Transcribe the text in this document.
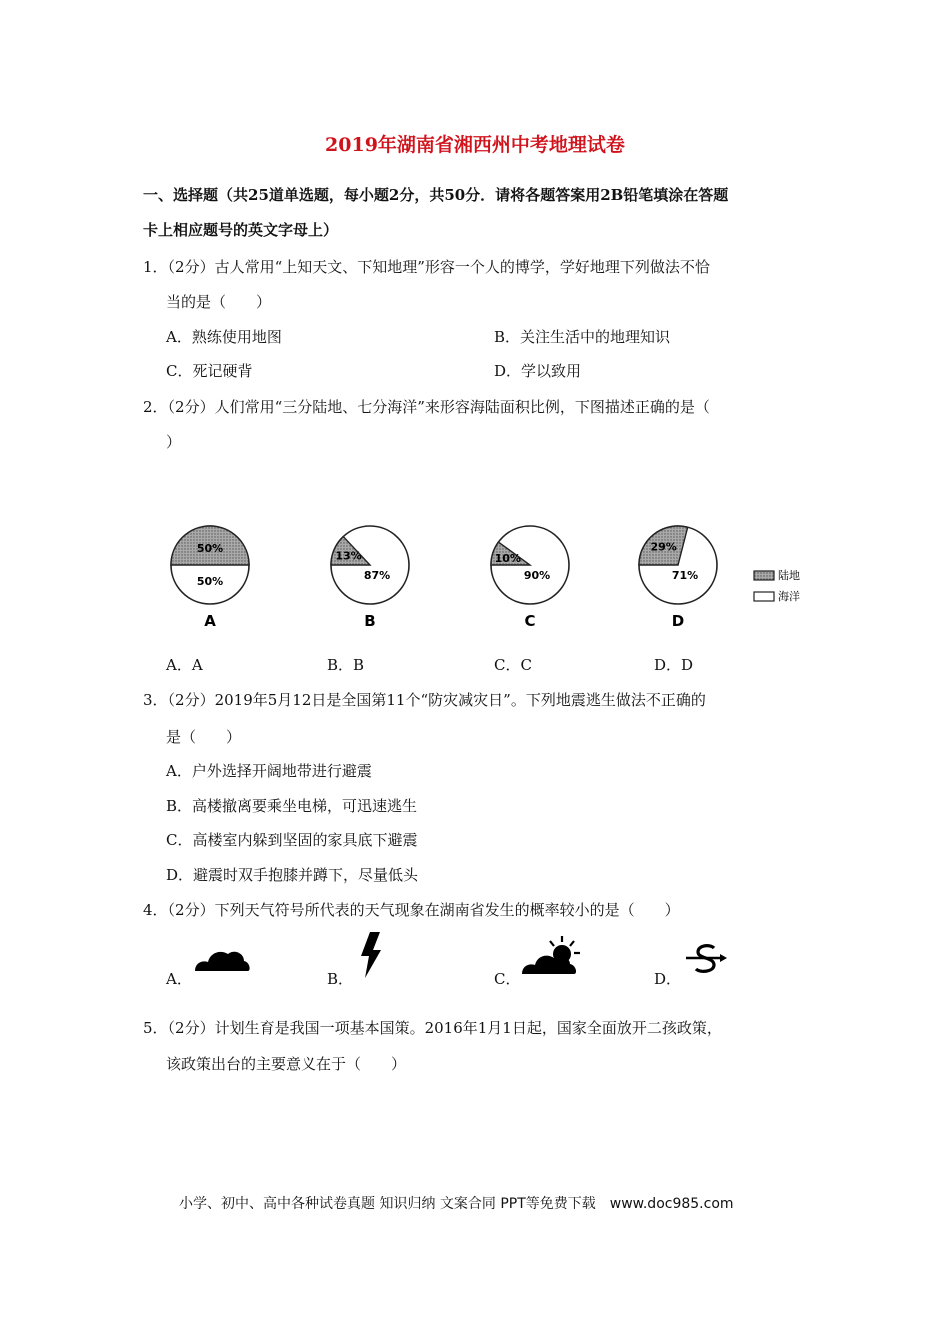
2019年湖南省湘西州中考地理试卷
一、选择题（共25道单选题，每小题2分，共50分．请将各题答案用2B铅笔填涂在答题
卡上相应题号的英文字母上）
1．（2分）古人常用“上知天文、下知地理”形容一个人的博学，学好地理下列做法不恰
当的是（　　）
A．熟练使用地图	B．关注生活中的地理知识
C．死记硬背	D．学以致用
2．（2分）人们常用“三分陆地、七分海洋”来形容海陆面积比例，下图描述正确的是（
）
50%
50%
A
13%
87%
B
10%
90%
C
29%
71%
D
陆地
海洋
A．A	B．B	C．C	D．D
3．（2分）2019年5月12日是全国第11个“防灾减灾日”。下列地震逃生做法不正确的
是（　　）
A．户外选择开阔地带进行避震
B．高楼撤离要乘坐电梯，可迅速逃生
C．高楼室内躲到坚固的家具底下避震
D．避震时双手抱膝并蹲下，尽量低头
4．（2分）下列天气符号所代表的天气现象在湖南省发生的概率较小的是（　　）
A．	B．	C．	D．
5．（2分）计划生育是我国一项基本国策。2016年1月1日起，国家全面放开二孩政策，
该政策出台的主要意义在于（　　）
小学、初中、高中各种试卷真题 知识归纳 文案合同 PPT等免费下载　www.doc985.com
